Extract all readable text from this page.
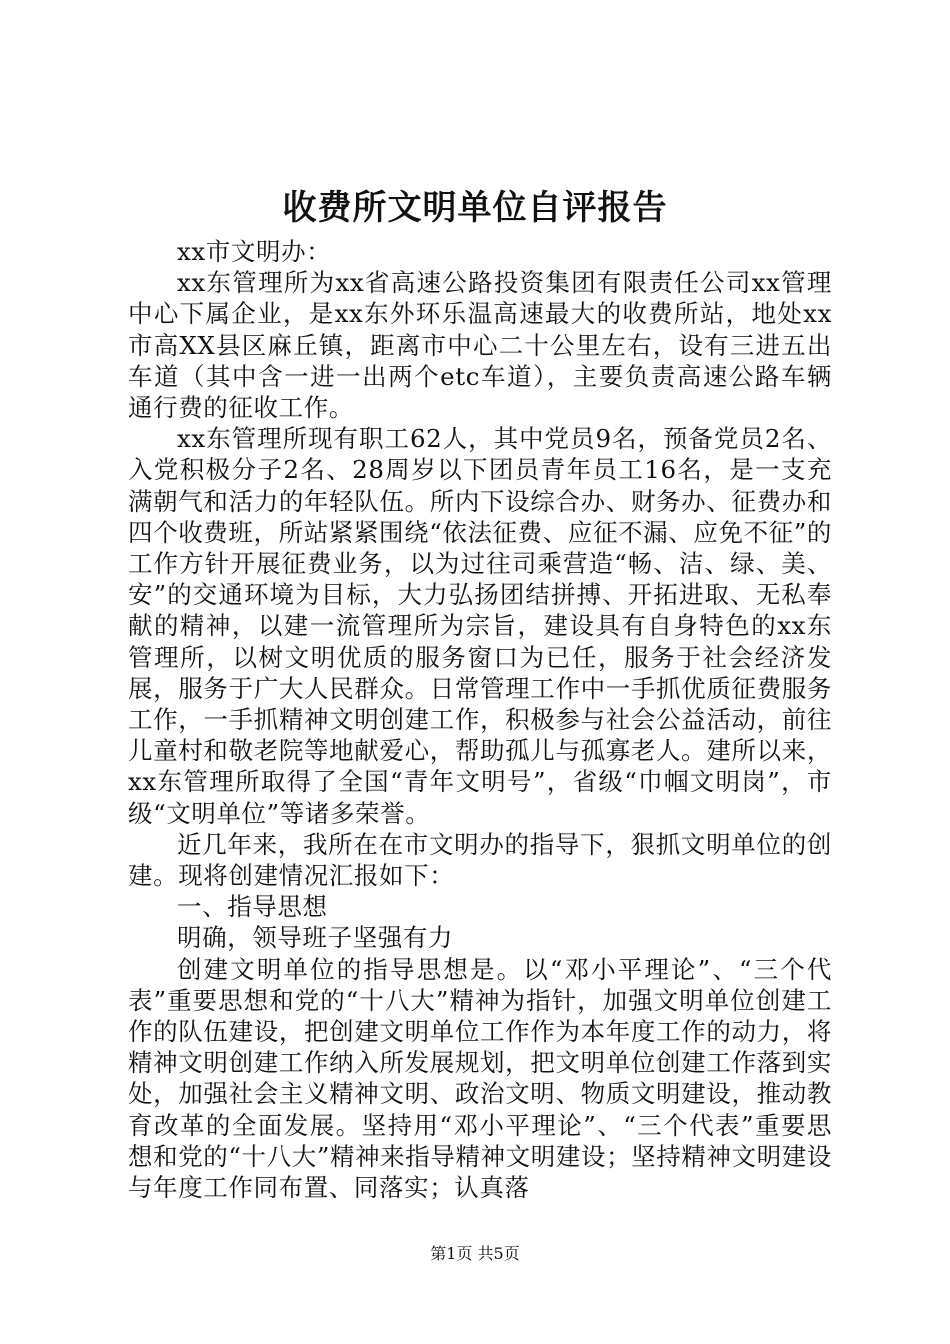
收费所文明单位自评报告

xx市文明办：

xx东管理所为xx省高速公路投资集团有限责任公司xx管理中心下属企业，是xx东外环乐温高速最大的收费所站，地处xx市高XX县区麻丘镇，距离市中心二十公里左右，设有三进五出车道（其中含一进一出两个etc车道），主要负责高速公路车辆通行费的征收工作。

xx东管理所现有职工62人，其中党员9名，预备党员2名、入党积极分子2名、28周岁以下团员青年员工16名，是一支充满朝气和活力的年轻队伍。所内下设综合办、财务办、征费办和四个收费班，所站紧紧围绕“依法征费、应征不漏、应免不征”的工作方针开展征费业务，以为过往司乘营造“畅、洁、绿、美、安”的交通环境为目标，大力弘扬团结拼搏、开拓进取、无私奉献的精神，以建一流管理所为宗旨，建设具有自身特色的xx东管理所，以树文明优质的服务窗口为已任，服务于社会经济发展，服务于广大人民群众。日常管理工作中一手抓优质征费服务工作，一手抓精神文明创建工作，积极参与社会公益活动，前往儿童村和敬老院等地献爱心，帮助孤儿与孤寡老人。建所以来，xx东管理所取得了全国“青年文明号”，省级“巾帼文明岗”，市级“文明单位”等诸多荣誉。

近几年来，我所在在市文明办的指导下，狠抓文明单位的创建。现将创建情况汇报如下：

一、指导思想

明确，领导班子坚强有力

创建文明单位的指导思想是。以“邓小平理论”、“三个代表”重要思想和党的“十八大”精神为指针，加强文明单位创建工作的队伍建设，把创建文明单位工作作为本年度工作的动力，将精神文明创建工作纳入所发展规划，把文明单位创建工作落到实处，加强社会主义精神文明、政治文明、物质文明建设，推动教育改革的全面发展。坚持用“邓小平理论”、“三个代表”重要思想和党的“十八大”精神来指导精神文明建设；坚持精神文明建设与年度工作同布置、同落实；认真落

第1页 共5页
